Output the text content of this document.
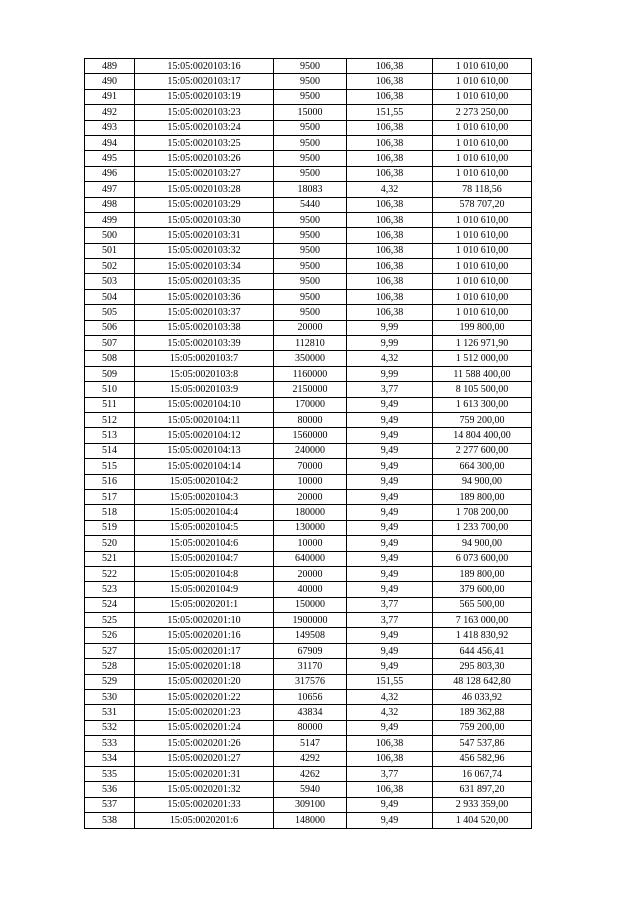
489	15:05:0020103:16	9500	106,38	1 010 610,00
490	15:05:0020103:17	9500	106,38	1 010 610,00
491	15:05:0020103:19	9500	106,38	1 010 610,00
492	15:05:0020103:23	15000	151,55	2 273 250,00
493	15:05:0020103:24	9500	106,38	1 010 610,00
494	15:05:0020103:25	9500	106,38	1 010 610,00
495	15:05:0020103:26	9500	106,38	1 010 610,00
496	15:05:0020103:27	9500	106,38	1 010 610,00
497	15:05:0020103:28	18083	4,32	78 118,56
498	15:05:0020103:29	5440	106,38	578 707,20
499	15:05:0020103:30	9500	106,38	1 010 610,00
500	15:05:0020103:31	9500	106,38	1 010 610,00
501	15:05:0020103:32	9500	106,38	1 010 610,00
502	15:05:0020103:34	9500	106,38	1 010 610,00
503	15:05:0020103:35	9500	106,38	1 010 610,00
504	15:05:0020103:36	9500	106,38	1 010 610,00
505	15:05:0020103:37	9500	106,38	1 010 610,00
506	15:05:0020103:38	20000	9,99	199 800,00
507	15:05:0020103:39	112810	9,99	1 126 971,90
508	15:05:0020103:7	350000	4,32	1 512 000,00
509	15:05:0020103:8	1160000	9,99	11 588 400,00
510	15:05:0020103:9	2150000	3,77	8 105 500,00
511	15:05:0020104:10	170000	9,49	1 613 300,00
512	15:05:0020104:11	80000	9,49	759 200,00
513	15:05:0020104:12	1560000	9,49	14 804 400,00
514	15:05:0020104:13	240000	9,49	2 277 600,00
515	15:05:0020104:14	70000	9,49	664 300,00
516	15:05:0020104:2	10000	9,49	94 900,00
517	15:05:0020104:3	20000	9,49	189 800,00
518	15:05:0020104:4	180000	9,49	1 708 200,00
519	15:05:0020104:5	130000	9,49	1 233 700,00
520	15:05:0020104:6	10000	9,49	94 900,00
521	15:05:0020104:7	640000	9,49	6 073 600,00
522	15:05:0020104:8	20000	9,49	189 800,00
523	15:05:0020104:9	40000	9,49	379 600,00
524	15:05:0020201:1	150000	3,77	565 500,00
525	15:05:0020201:10	1900000	3,77	7 163 000,00
526	15:05:0020201:16	149508	9,49	1 418 830,92
527	15:05:0020201:17	67909	9,49	644 456,41
528	15:05:0020201:18	31170	9,49	295 803,30
529	15:05:0020201:20	317576	151,55	48 128 642,80
530	15:05:0020201:22	10656	4,32	46 033,92
531	15:05:0020201:23	43834	4,32	189 362,88
532	15:05:0020201:24	80000	9,49	759 200,00
533	15:05:0020201:26	5147	106,38	547 537,86
534	15:05:0020201:27	4292	106,38	456 582,96
535	15:05:0020201:31	4262	3,77	16 067,74
536	15:05:0020201:32	5940	106,38	631 897,20
537	15:05:0020201:33	309100	9,49	2 933 359,00
538	15:05:0020201:6	148000	9,49	1 404 520,00
